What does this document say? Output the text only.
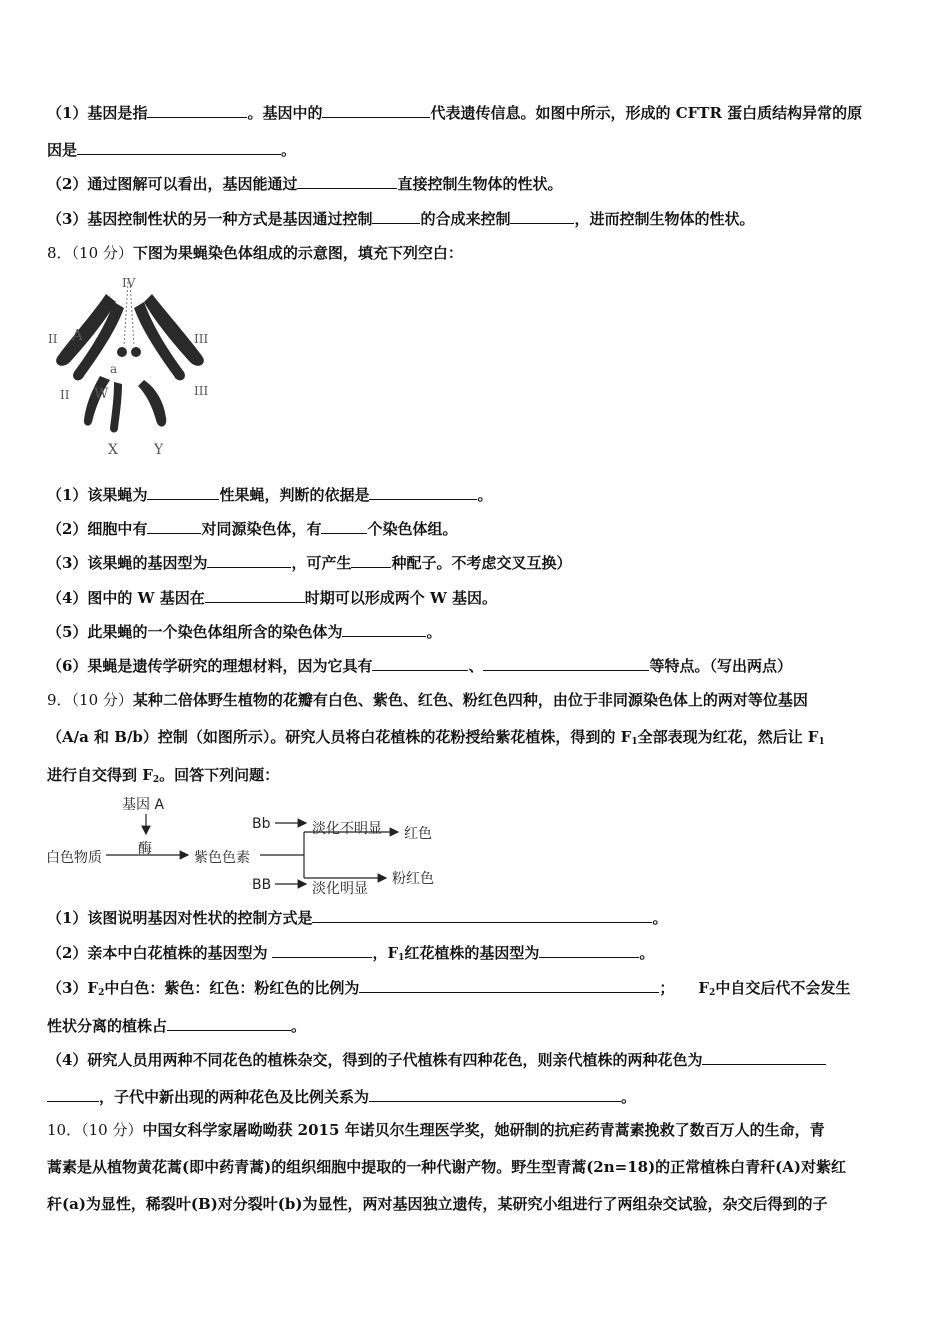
（1）基因是指	。基因中的	代表遗传信息。如图中所示，形成的 CFTR 蛋白质结构异常的原
因是	。
（2）通过图解可以看出，基因能通过	直接控制生物体的性状。
（3）基因控制性状的另一种方式是基因通过控制	的合成来控制	，进而控制生物体的性状。
8．（10 分）下图为果蝇染色体组成的示意图，填充下列空白：
IV
II A	III
a
II W	III
X	Y
（1）该果蝇为	性果蝇，判断的依据是	。
（2）细胞中有	对同源染色体，有	个染色体组。
（3）该果蝇的基因型为	，可产生	种配子。不考虑交叉互换）
（4）图中的 W 基因在	时期可以形成两个 W 基因。
（5）此果蝇的一个染色体组所含的染色体为	。
（6）果蝇是遗传学研究的理想材料，因为它具有	、	等特点。（写出两点）
9．（10 分）某种二倍体野生植物的花瓣有白色、紫色、红色、粉红色四种，由位于非同源染色体上的两对等位基因
（A/a 和 B/b）控制（如图所示）。研究人员将白花植株的花粉授给紫花植株，得到的 $F_1$全部表现为红花，然后让 $F_1$
进行自交得到 $F_2$。回答下列问题：
基因 A
酶
白色物质	紫色色素
Bb	淡化不明显 红色
BB	淡化明显
粉红色
（1）该图说明基因对性状的控制方式是	。
（2）亲本中白花植株的基因型为	，$F_1$红花植株的基因型为	。
$(3)F_2$中白色：紫色：红色：粉红色的比例为	； $F_2$中自交后代不会发生
性状分离的植株占	。
（4）研究人员用两种不同花色的植株杂交，得到的子代植株有四种花色，则亲代植株的两种花色为
，子代中新出现的两种花色及比例关系为	。
10．（10 分）中国女科学家屠呦呦获 2015 年诺贝尔生理医学奖，她研制的抗疟药青蒿素挽救了数百万人的生命，青
蒿素是从植物黄花蒿(即中药青蒿)的组织细胞中提取的一种代谢产物。野生型青蒿(2n=18)的正常植株白青秆(A)对紫红
秆(a)为显性，稀裂叶(B)对分裂叶(b)为显性，两对基因独立遗传，某研究小组进行了两组杂交试验，杂交后得到的子
